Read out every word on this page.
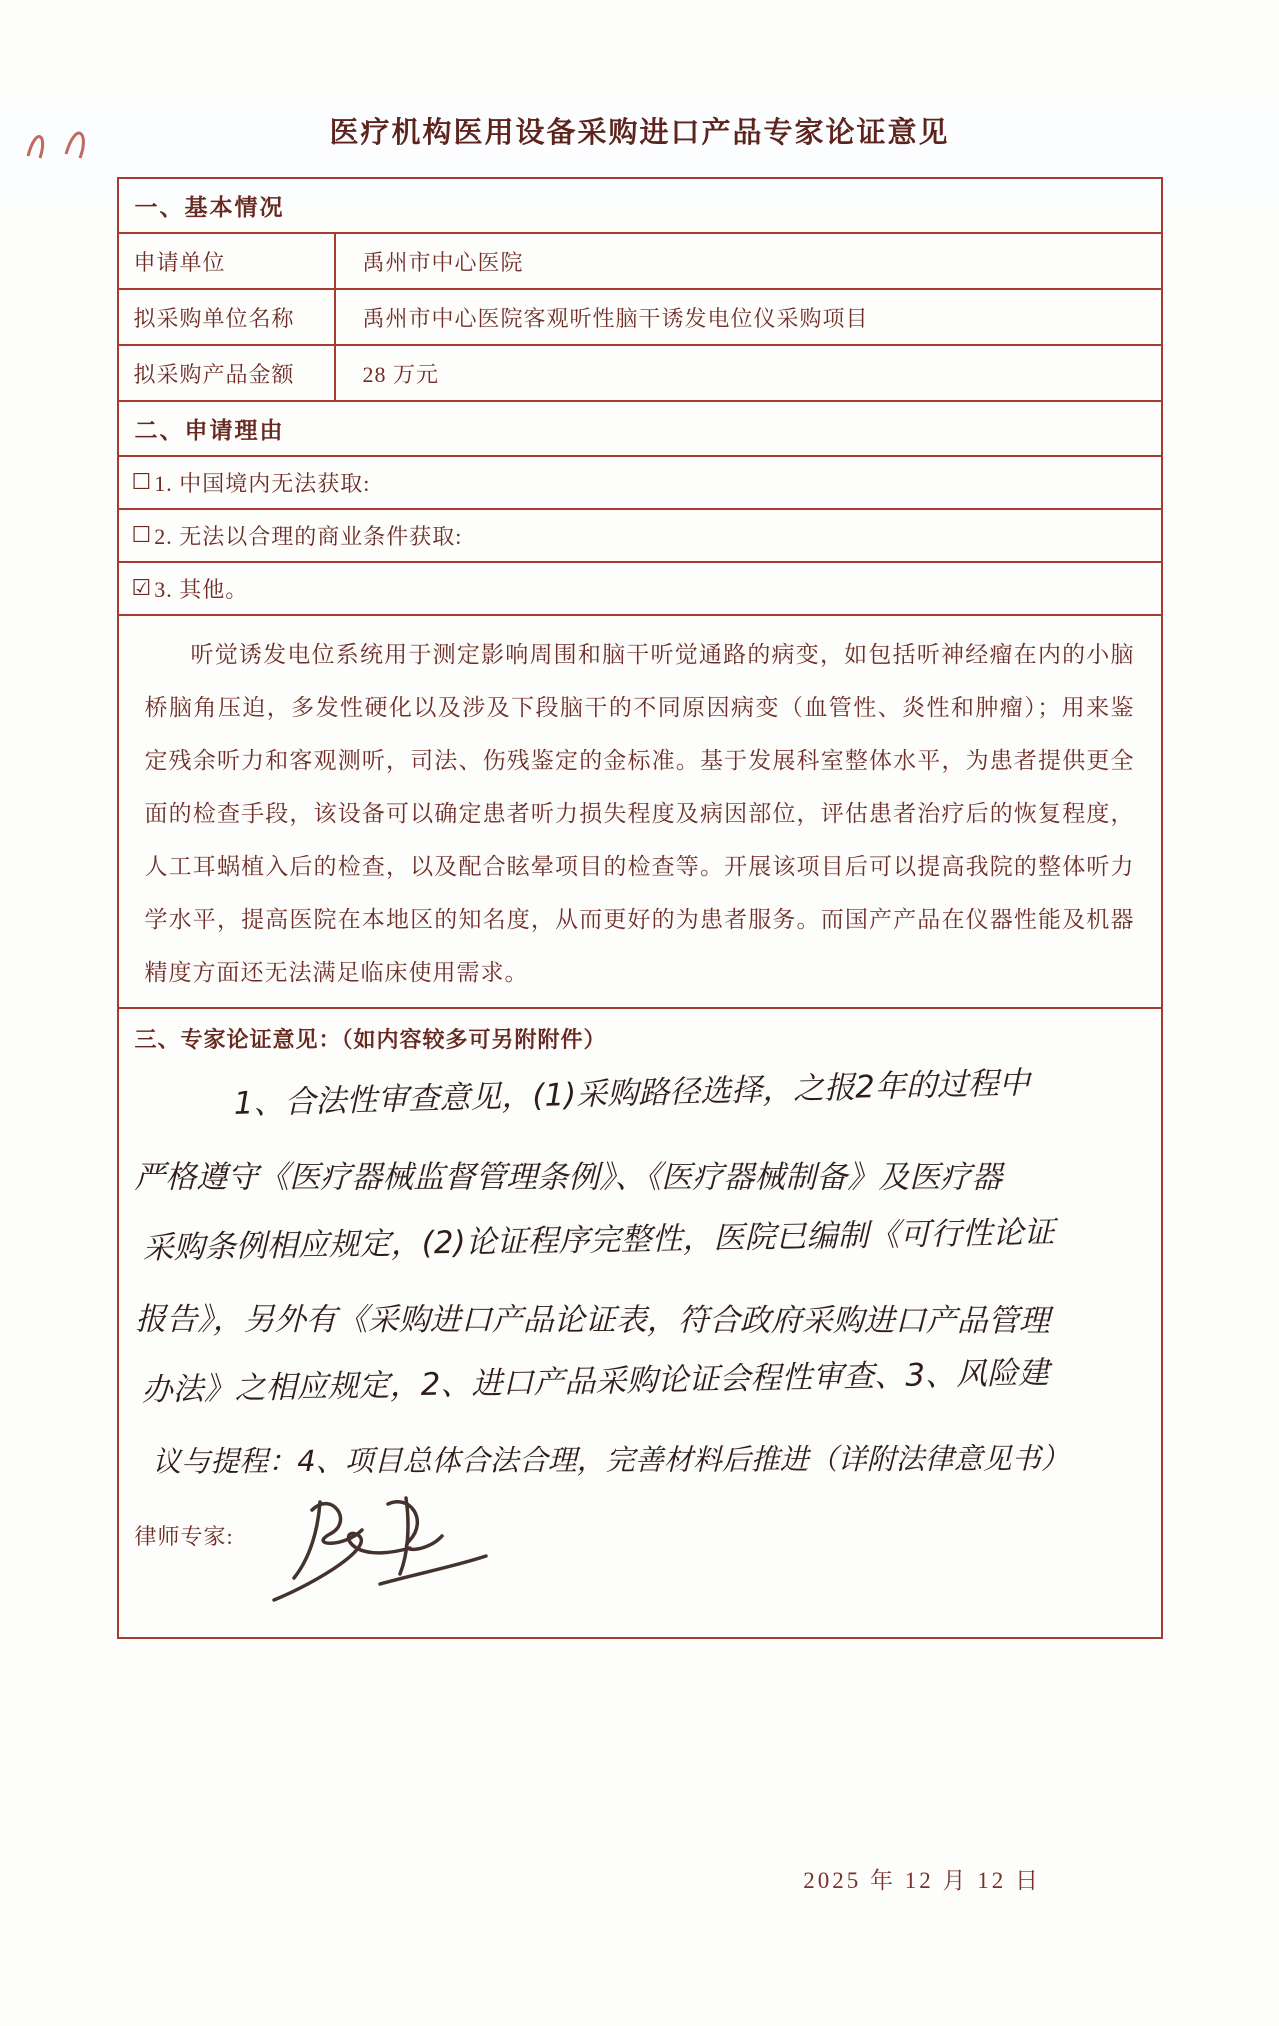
医疗机构医用设备采购进口产品专家论证意见
一、基本情况
申请单位	禹州市中心医院
拟采购单位名称	禹州市中心医院客观听性脑干诱发电位仪采购项目
拟采购产品金额	28 万元
二、申请理由
☐ 1. 中国境内无法获取:
☐ 2. 无法以合理的商业条件获取:
☑ 3. 其他。

听觉诱发电位系统用于测定影响周围和脑干听觉通路的病变，如包括听神经瘤在内的小脑桥脑角压迫，多发性硬化以及涉及下段脑干的不同原因病变（血管性、炎性和肿瘤）；用来鉴定残余听力和客观测听，司法、伤残鉴定的金标准。基于发展科室整体水平，为患者提供更全面的检查手段，该设备可以确定患者听力损失程度及病因部位，评估患者治疗后的恢复程度，人工耳蜗植入后的检查，以及配合眩晕项目的检查等。开展该项目后可以提高我院的整体听力学水平，提高医院在本地区的知名度，从而更好的为患者服务。而国产产品在仪器性能及机器精度方面还无法满足临床使用需求。

三、专家论证意见：（如内容较多可另附附件）
1、合法性审查意见，(1)采购路径选择，之报2年的过程中
严格遵守《医疗器械监督管理条例》、《医疗器械制备》及医疗器
采购条例相应规定，(2)论证程序完整性，医院已编制《可行性论证
报告》，另外有《采购进口产品论证表，符合政府采购进口产品管理
办法》之相应规定，2、进口产品采购论证会程性审查、3、风险建
议与提程：4、项目总体合法合理，完善材料后推进（详附法律意见书）
律师专家:
2025 年 12 月 12 日
